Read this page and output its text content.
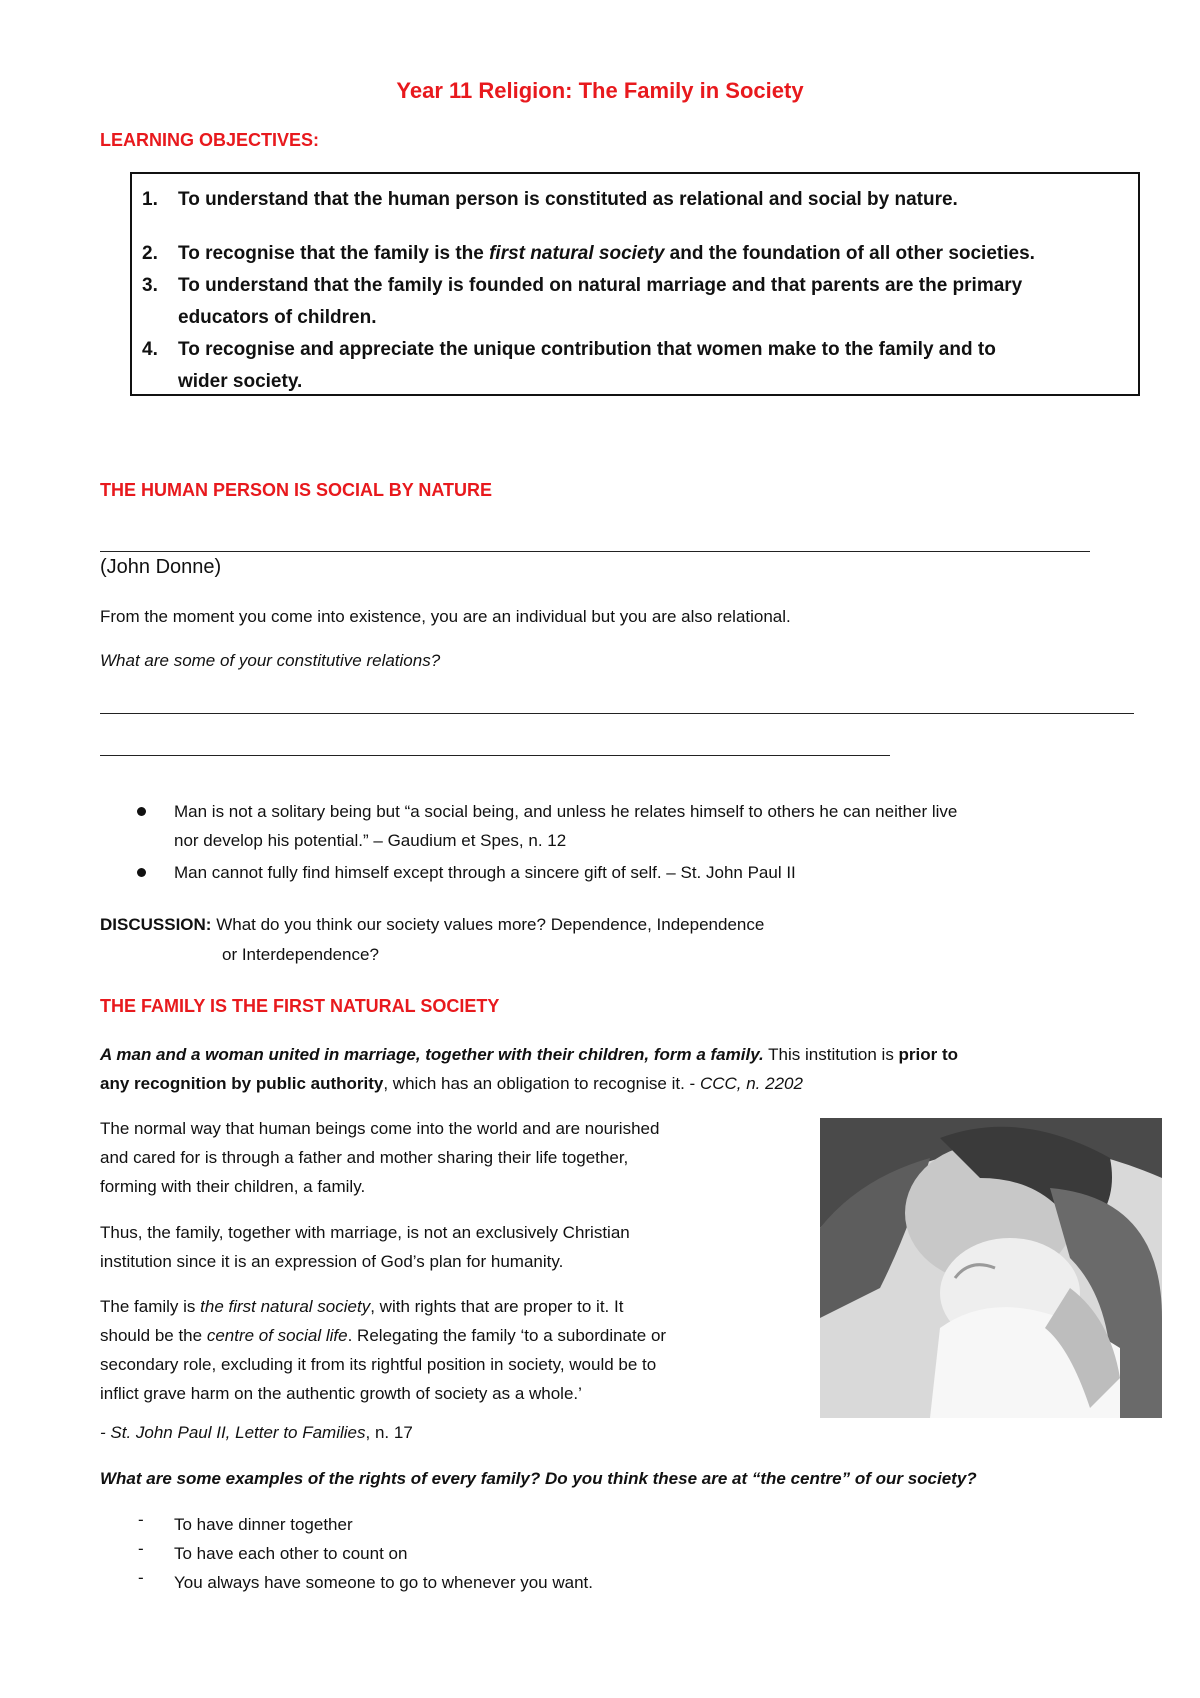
Year 11 Religion: The Family in Society
LEARNING OBJECTIVES:
1.	To understand that the human person is constituted as relational and social by nature.
2.	To recognise that the family is the first natural society and the foundation of all other societies.
3.	To understand that the family is founded on natural marriage and that parents are the primary
educators of children.
4.	To recognise and appreciate the unique contribution that women make to the family and to
wider society.
THE HUMAN PERSON IS SOCIAL BY NATURE
(John Donne)
From the moment you come into existence, you are an individual but you are also relational.
What are some of your constitutive relations?
Man is not a solitary being but “a social being, and unless he relates himself to others he can neither live
nor develop his potential.” – Gaudium et Spes, n. 12
Man cannot fully find himself except through a sincere gift of self. – St. John Paul II
DISCUSSION: What do you think our society values more? Dependence, Independence
or Interdependence?
THE FAMILY IS THE FIRST NATURAL SOCIETY
A man and a woman united in marriage, together with their children, form a family. This institution is prior to
any recognition by public authority, which has an obligation to recognise it. - CCC, n. 2202
The normal way that human beings come into the world and are nourished
and cared for is through a father and mother sharing their life together,
forming with their children, a family.
Thus, the family, together with marriage, is not an exclusively Christian
institution since it is an expression of God’s plan for humanity.
The family is the first natural society, with rights that are proper to it. It
should be the centre of social life. Relegating the family ‘to a subordinate or
secondary role, excluding it from its rightful position in society, would be to
inflict grave harm on the authentic growth of society as a whole.’
- St. John Paul II, Letter to Families, n. 17
What are some examples of the rights of every family? Do you think these are at “the centre” of our society?
- To have dinner together
- To have each other to count on
- You always have someone to go to whenever you want.
